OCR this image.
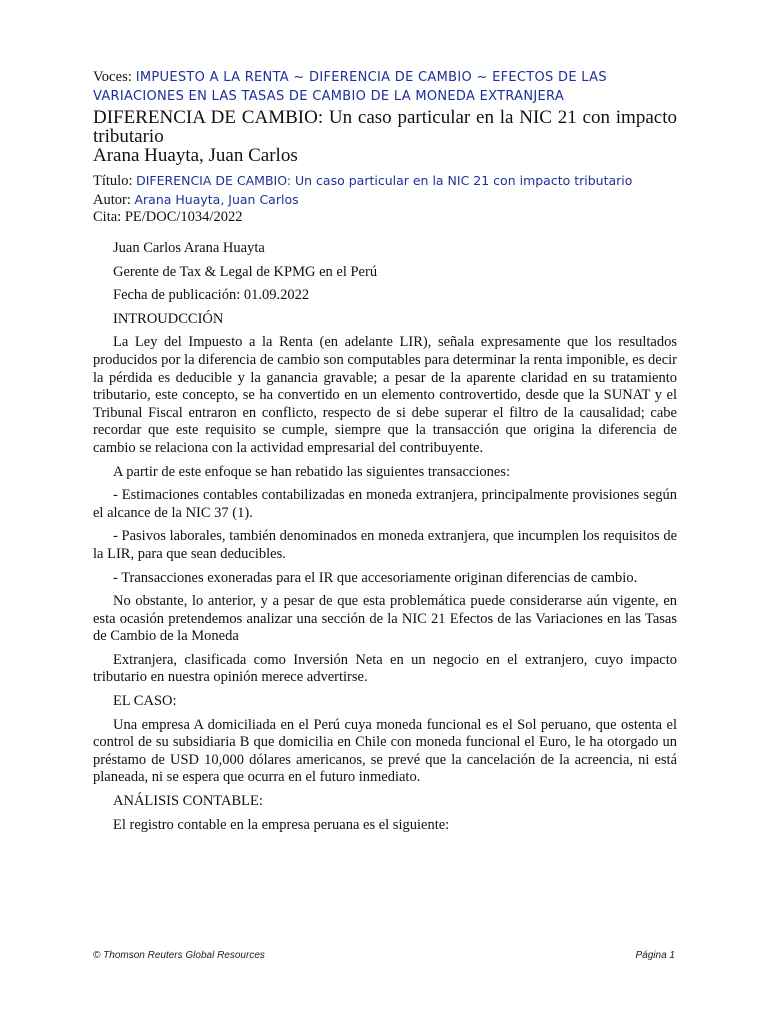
Voces: IMPUESTO A LA RENTA ~ DIFERENCIA DE CAMBIO ~ EFECTOS DE LAS VARIACIONES EN LAS TASAS DE CAMBIO DE LA MONEDA EXTRANJERA
DIFERENCIA DE CAMBIO: Un caso particular en la NIC 21 con impacto tributario
Arana Huayta, Juan Carlos
Título: DIFERENCIA DE CAMBIO: Un caso particular en la NIC 21 con impacto tributario
Autor: Arana Huayta, Juan Carlos
Cita: PE/DOC/1034/2022

Juan Carlos Arana Huayta

Gerente de Tax & Legal de KPMG en el Perú

Fecha de publicación: 01.09.2022

INTROUDCCIÓN

La Ley del Impuesto a la Renta (en adelante LIR), señala expresamente que los resultados producidos por la diferencia de cambio son computables para determinar la renta imponible, es decir la pérdida es deducible y la ganancia gravable; a pesar de la aparente claridad en su tratamiento tributario, este concepto, se ha convertido en un elemento controvertido, desde que la SUNAT y el Tribunal Fiscal entraron en conflicto, respecto de si debe superar el filtro de la causalidad; cabe recordar que este requisito se cumple, siempre que la transacción que origina la diferencia de cambio se relaciona con la actividad empresarial del contribuyente.

A partir de este enfoque se han rebatido las siguientes transacciones:

- Estimaciones contables contabilizadas en moneda extranjera, principalmente provisiones según el alcance de la NIC 37 (1).

- Pasivos laborales, también denominados en moneda extranjera, que incumplen los requisitos de la LIR, para que sean deducibles.

- Transacciones exoneradas para el IR que accesoriamente originan diferencias de cambio.

No obstante, lo anterior, y a pesar de que esta problemática puede considerarse aún vigente, en esta ocasión pretendemos analizar una sección de la NIC 21 Efectos de las Variaciones en las Tasas de Cambio de la Moneda

Extranjera, clasificada como Inversión Neta en un negocio en el extranjero, cuyo impacto tributario en nuestra opinión merece advertirse.

EL CASO:

Una empresa A domiciliada en el Perú cuya moneda funcional es el Sol peruano, que ostenta el control de su subsidiaria B que domicilia en Chile con moneda funcional el Euro, le ha otorgado un préstamo de USD 10,000 dólares americanos, se prevé que la cancelación de la acreencia, ni está planeada, ni se espera que ocurra en el futuro inmediato.

ANÁLISIS CONTABLE:

El registro contable en la empresa peruana es el siguiente:

© Thomson Reuters Global Resources	Página 1
